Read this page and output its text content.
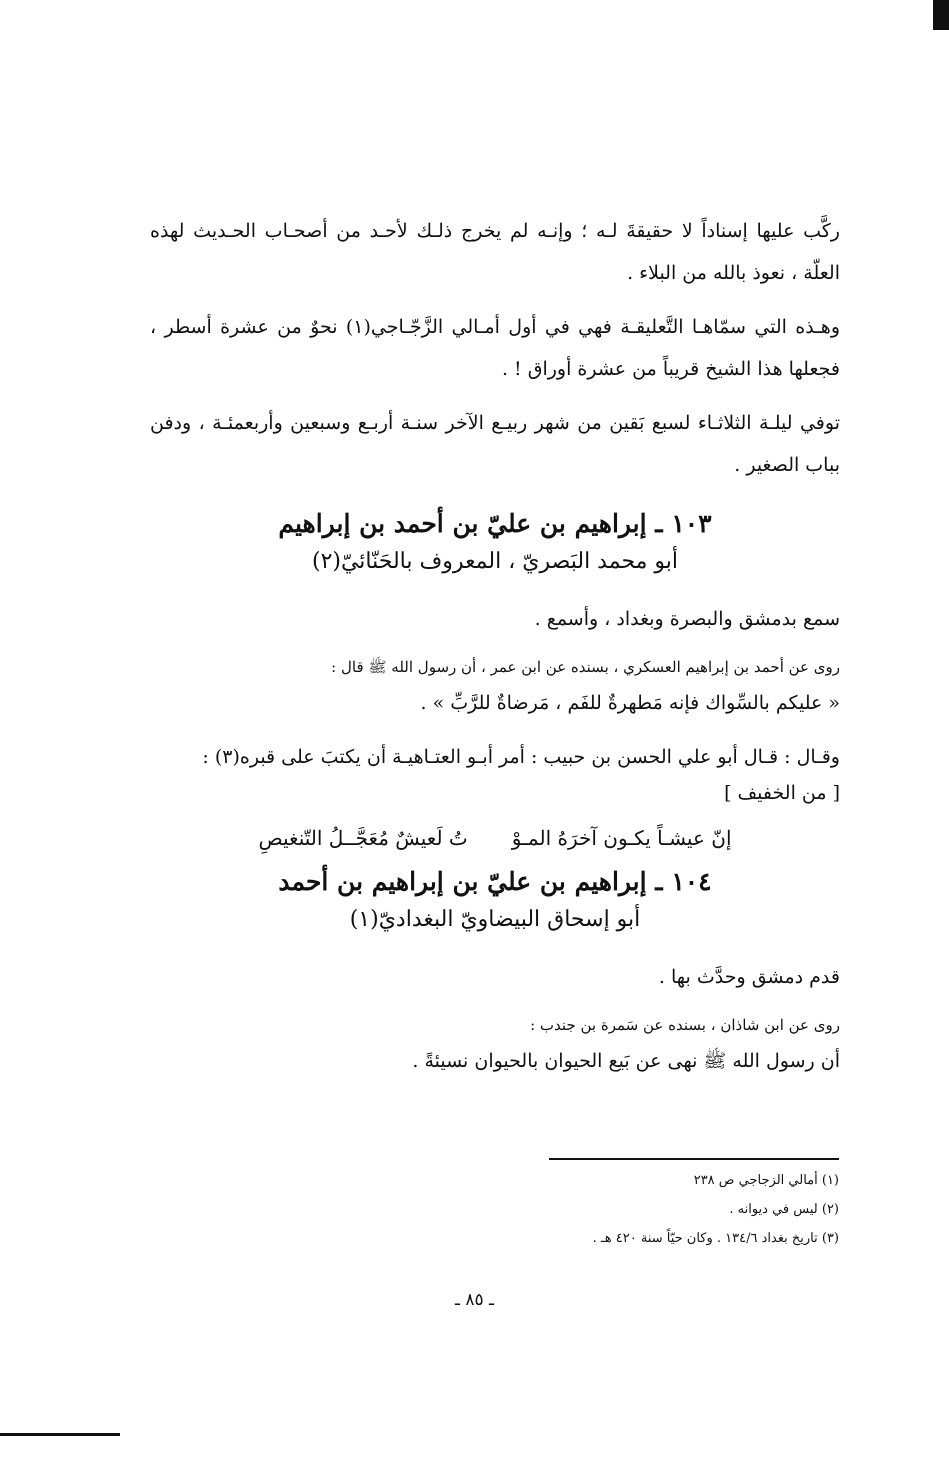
ركَّب عليها إسناداً لا حقيقةَ لـه ؛ وإنـه لم يخرج ذلـك لأحـد من أصحـاب الحـديث لهذه العلّة ، نعوذ بالله من البلاء .

وهـذه التي سمّاهـا التَّعليقـة فهي في أول أمـالي الزَّجّـاجي(١) نحوٌ من عشرة أسطر ، فجعلها هذا الشيخ قريباً من عشرة أوراق ! .

توفي ليلـة الثلاثـاء لسبع بَقين من شهر ربيـع الآخر سنـة أربـع وسبعين وأربعمئـة ، ودفن بباب الصغير .

١٠٣ ـ إبراهيم بن عليّ بن أحمد بن إبراهيم
أبو محمد البَصريّ ، المعروف بالحَنّائيّ(٢)

سمع بدمشق والبصرة وبغداد ، وأسمع .

روى عن أحمد بن إبراهيم العسكري ، بسنده عن ابن عمر ، أن رسول الله ﷺ قال :

« عليكم بالسِّواك فإنه مَطهرةٌ للفَم ، مَرضاةٌ للرَّبِّ » .

وقـال : قـال أبو علي الحسن بن حبيب : أمر أبـو العتـاهيـة أن يكتبَ على قبره(٣) :

[ من الخفيف ]

إنّ عيشـاً يكـون آخرَهُ المـوْ
تُ لَعيشٌ مُعَجَّــلُ التّنغيصِ
١٠٤ ـ إبراهيم بن عليّ بن إبراهيم بن أحمد
أبو إسحاق البيضاويّ البغداديّ(١)

قدم دمشق وحدَّث بها .

روى عن ابن شاذان ، بسنده عن سَمرة بن جندب :

أن رسول الله ﷺ نهى عن بَيع الحيوان بالحيوان نسيئةً .

(١) أمالي الزجاجي ص ٢٣٨

(٢) ليس في ديوانه .

(٣) تاريخ بغداد ١٣٤/٦ . وكان حيّاً سنة ٤٢٠ هـ .

ـ ٨٥ ـ
